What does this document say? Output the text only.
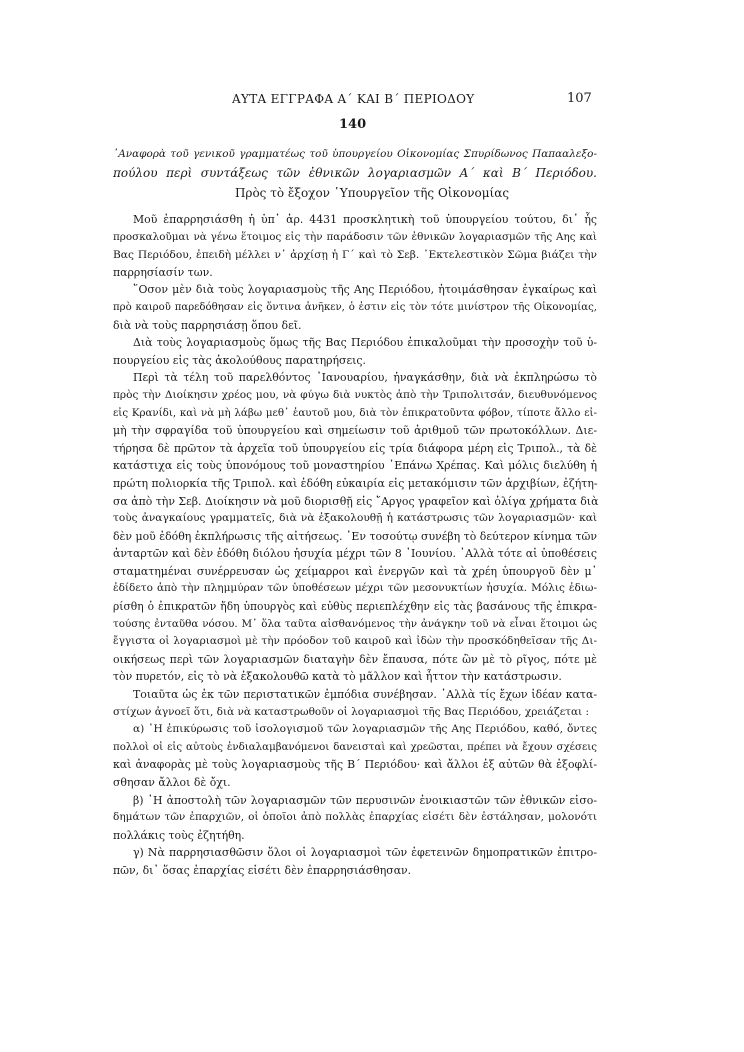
ΑΥΤΑ ΕΓΓΡΑΦΑ Α΄ ΚΑΙ Β΄ ΠΕΡΙΟΔΟΥ	107
140
᾿Αναφορὰ τοῦ γενικοῦ γραμματέως τοῦ ὑπουργείου Οἰκονομίας Σπυρίδωνος Παπααλεξο-
πούλου περὶ συντάξεως τῶν ἐθνικῶν λογαριασμῶν Α΄ καὶ Β΄ Περιόδου.
Πρὸς τὸ ἔξοχον ῾Υπουργεῖον τῆς Οἰκονομίας
Μοῦ ἐπαρρησιάσθη ἡ ὑπ᾿ ἀρ. 4431 προσκλητικὴ τοῦ ὑπουργείου τούτου, δι᾿ ἧς
προσκαλοῦμαι νὰ γένω ἕτοιμος εἰς τὴν παράδοσιν τῶν ἐθνικῶν λογαριασμῶν τῆς Αης καὶ
Βας Περιόδου, ἐπειδὴ μέλλει ν᾿ ἀρχίσῃ ἡ Γ΄ καὶ τὸ Σεβ. ᾿Εκτελεστικὸν Σῶμα βιάζει τὴν
παρρησίασίν των.
῞Οσον μὲν διὰ τοὺς λογαριασμοὺς τῆς Αης Περιόδου, ἡτοιμάσθησαν ἐγκαίρως καὶ
πρὸ καιροῦ παρεδόθησαν εἰς ὅντινα ἀνῆκεν, ὁ ἐστιν εἰς τὸν τότε μινίστρον τῆς Οἰκονομίας,
διὰ νὰ τοὺς παρρησιάσῃ ὅπου δεῖ.
Διὰ τοὺς λογαριασμοὺς ὅμως τῆς Βας Περιόδου ἐπικαλοῦμαι τὴν προσοχὴν τοῦ ὑ-
πουργείου εἰς τὰς ἀκολούθους παρατηρήσεις.
Περὶ τὰ τέλη τοῦ παρελθόντος ᾿Ιανουαρίου, ἠναγκάσθην, διὰ νὰ ἐκπληρώσω τὸ
πρὸς τὴν Διοίκησιν χρέος μου, νὰ φύγω διὰ νυκτὸς ἀπὸ τὴν Τριπολιτσάν, διευθυνόμενος
εἰς Κρανίδι, καὶ νὰ μὴ λάβω μεθ᾿ ἑαυτοῦ μου, διὰ τὸν ἐπικρατοῦντα φόβον, τίποτε ἄλλο εἰ-
μὴ τὴν σφραγίδα τοῦ ὑπουργείου καὶ σημείωσιν τοῦ ἀριθμοῦ τῶν πρωτοκόλλων. Διε-
τήρησα δὲ πρῶτον τὰ ἀρχεῖα τοῦ ὑπουργείου εἰς τρία διάφορα μέρη εἰς Τριπολ., τὰ δὲ
κατάστιχα εἰς τοὺς ὑπονόμους τοῦ μοναστηρίου ᾿Επάνω Χρέπας. Καὶ μόλις διελύθη ἡ
πρώτη πολιορκία τῆς Τριπολ. καὶ ἐδόθη εὐκαιρία εἰς μετακόμισιν τῶν ἀρχιβίων, ἐζήτη-
σα ἀπὸ τὴν Σεβ. Διοίκησιν νὰ μοῦ διορισθῇ εἰς ῎Αργος γραφεῖον καὶ ὀλίγα χρήματα διὰ
τοὺς ἀναγκαίους γραμματεῖς, διὰ νὰ ἐξακολουθῇ ἡ κατάστρωσις τῶν λογαριασμῶν· καὶ
δὲν μοῦ ἐδόθη ἐκπλήρωσις τῆς αἰτήσεως. ᾿Εν τοσούτῳ συνέβη τὸ δεύτερον κίνημα τῶν
ἀνταρτῶν καὶ δὲν ἐδόθη διόλου ἡσυχία μέχρι τῶν 8 ᾿Ιουνίου. ᾿Αλλὰ τότε αἱ ὑποθέσεις
σταματημέναι συνέρρευσαν ὡς χείμαρροι καὶ ἐνεργῶν καὶ τὰ χρέη ὑπουργοῦ δὲν μ᾿
ἐδίδετο ἀπὸ τὴν πλημμύραν τῶν ὑποθέσεων μέχρι τῶν μεσονυκτίων ἡσυχία. Μόλις ἐδιω-
ρίσθη ὁ ἐπικρατῶν ἤδη ὑπουργὸς καὶ εὐθὺς περιεπλέχθην εἰς τὰς βασάνους τῆς ἐπικρα-
τούσης ἐνταῦθα νόσου. Μ᾿ ὅλα ταῦτα αἰσθανόμενος τὴν ἀνάγκην τοῦ νὰ εἶναι ἕτοιμοι ὡς
ἔγγιστα οἱ λογαριασμοὶ μὲ τὴν πρόοδον τοῦ καιροῦ καὶ ἰδὼν τὴν προσκόδηθεῖσαν τῆς Δι-
οικήσεως περὶ τῶν λογαριασμῶν διαταγὴν δὲν ἔπαυσα, πότε ὢν μὲ τὸ ρῖγος, πότε μὲ
τὸν πυρετόν, εἰς τὸ νὰ ἐξακολουθῶ κατὰ τὸ μᾶλλον καὶ ἧττον τὴν κατάστρωσιν.
Τοιαῦτα ὡς ἐκ τῶν περιστατικῶν ἐμπόδια συνέβησαν. ᾿Αλλὰ τίς ἔχων ἰδέαν κατα-
στίχων ἀγνοεῖ ὅτι, διὰ νὰ καταστρωθοῦν οἱ λογαριασμοὶ τῆς Βας Περιόδου, χρειάζεται :
α) ῾Η ἐπικύρωσις τοῦ ἰσολογισμοῦ τῶν λογαριασμῶν τῆς Αης Περιόδου, καθό, ὄντες
πολλοὶ οἱ εἰς αὐτοὺς ἐνδιαλαμβανόμενοι δανεισταὶ καὶ χρεῶσται, πρέπει νὰ ἔχουν σχέσεις
καὶ ἀναφορὰς μὲ τοὺς λογαριασμοὺς τῆς Β΄ Περιόδου· καὶ ἄλλοι ἐξ αὐτῶν θὰ ἐξοφλί-
σθησαν ἄλλοι δὲ ὄχι.
β) ῾Η ἀποστολὴ τῶν λογαριασμῶν τῶν περυσινῶν ἐνοικιαστῶν τῶν ἐθνικῶν εἰσο-
δημάτων τῶν ἐπαρχιῶν, οἱ ὁποῖοι ἀπὸ πολλὰς ἐπαρχίας εἰσέτι δὲν ἐστάλησαν, μολονότι
πολλάκις τοὺς ἐζητήθη.
γ) Νὰ παρρησιασθῶσιν ὅλοι οἱ λογαριασμοὶ τῶν ἐφετεινῶν δημοπρατικῶν ἐπιτρο-
πῶν, δι᾿ ὅσας ἐπαρχίας εἰσέτι δὲν ἐπαρρησιάσθησαν.
